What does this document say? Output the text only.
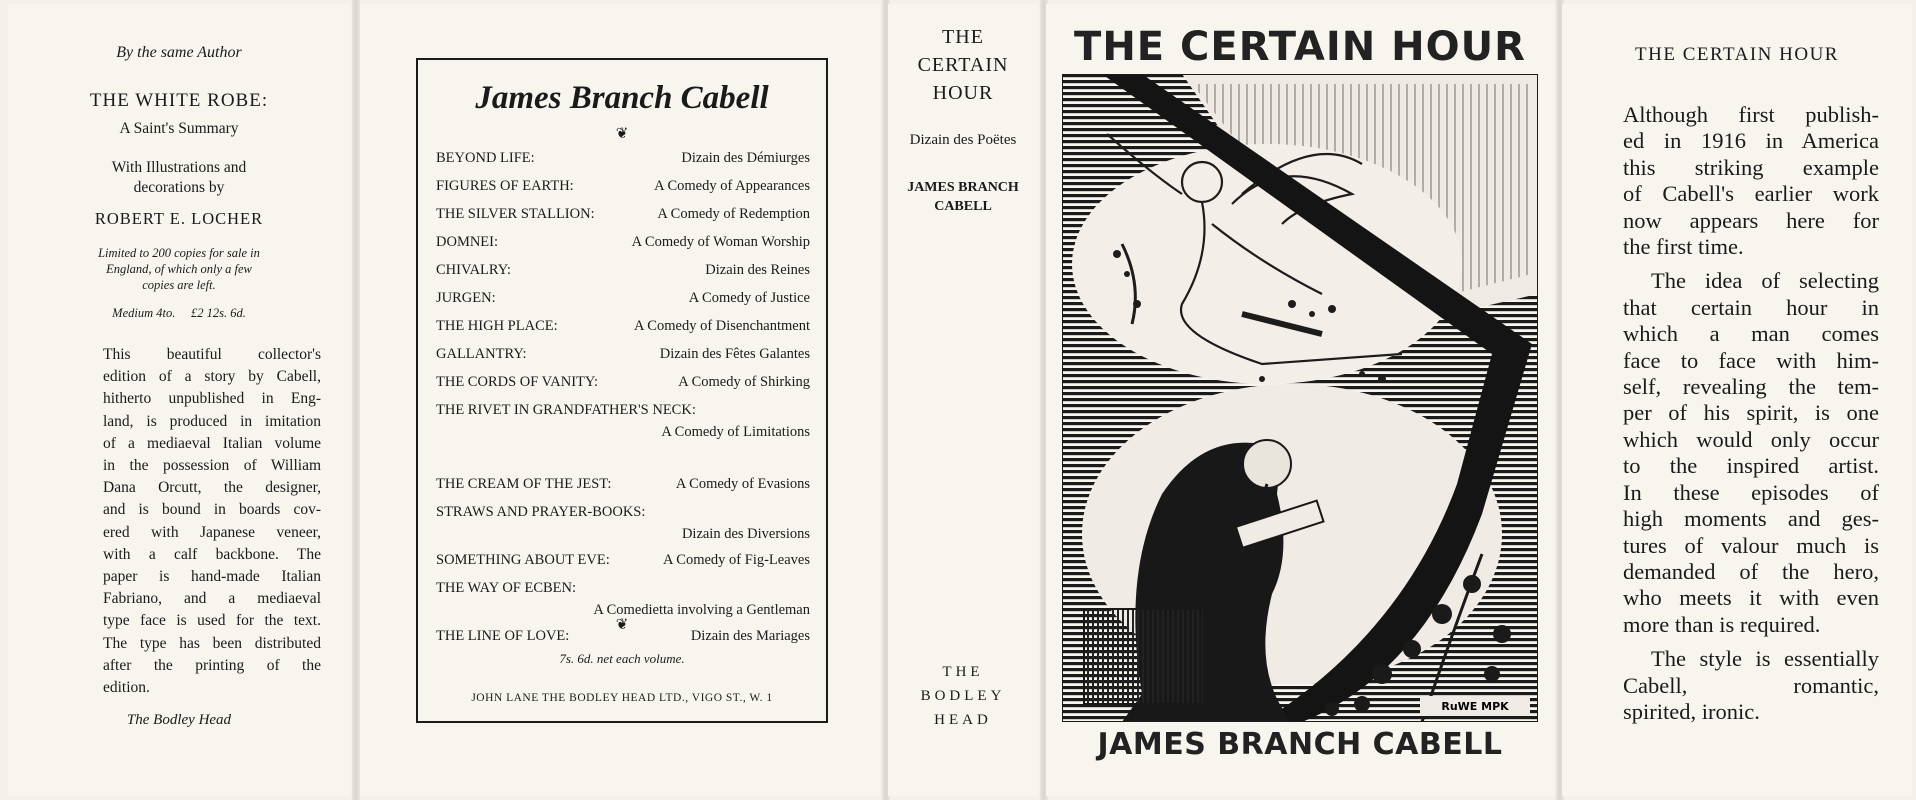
By the same Author
THE WHITE ROBE:
A Saint's Summary
With Illustrations and
decorations by
ROBERT E. LOCHER
Limited to 200 copies for sale in
England, of which only a few
copies are left.
Medium 4to.     £2 12s. 6d.
This beautiful collector's
edition of a story by Cabell,
hitherto unpublished in Eng-
land, is produced in imitation
of a mediaeval Italian volume
in the possession of William
Dana Orcutt, the designer,
and is bound in boards cov-
ered with Japanese veneer,
with a calf backbone. The
paper is hand-made Italian
Fabriano, and a mediaeval
type face is used for the text.
The type has been distributed
after the printing of the
edition.
The Bodley Head
James Branch Cabell
❦
BEYOND LIFE:	Dizain des Démiurges
FIGURES OF EARTH:	A Comedy of Appearances
THE SILVER STALLION:	A Comedy of Redemption
DOMNEI:	A Comedy of Woman Worship
CHIVALRY:	Dizain des Reines
JURGEN:	A Comedy of Justice
THE HIGH PLACE:	A Comedy of Disenchantment
GALLANTRY:	Dizain des Fêtes Galantes
THE CORDS OF VANITY:	A Comedy of Shirking
THE RIVET IN GRANDFATHER'S NECK:
A Comedy of Limitations
THE CREAM OF THE JEST:	A Comedy of Evasions
STRAWS AND PRAYER-BOOKS:
Dizain des Diversions
SOMETHING ABOUT EVE:	A Comedy of Fig-Leaves
THE WAY OF ECBEN:
A Comedietta involving a Gentleman
THE LINE OF LOVE:	Dizain des Mariages
❦
7s. 6d. net each volume.
JOHN LANE THE BODLEY HEAD LTD., VIGO ST., W. 1
THE
CERTAIN
HOUR
Dizain des Poëtes
JAMES BRANCH
CABELL
THE
BODLEY
HEAD
THE CERTAIN HOUR
RuWE MPK
JAMES BRANCH CABELL
THE CERTAIN HOUR
Although first publish-
ed in 1916 in America
this striking example
of Cabell's earlier work
now appears here for
the first time.
The idea of selecting
that certain hour in
which a man comes
face to face with him-
self, revealing the tem-
per of his spirit, is one
which would only occur
to the inspired artist.
In these episodes of
high moments and ges-
tures of valour much is
demanded of the hero,
who meets it with even
more than is required.
The style is essentially
Cabell, romantic,
spirited, ironic.
